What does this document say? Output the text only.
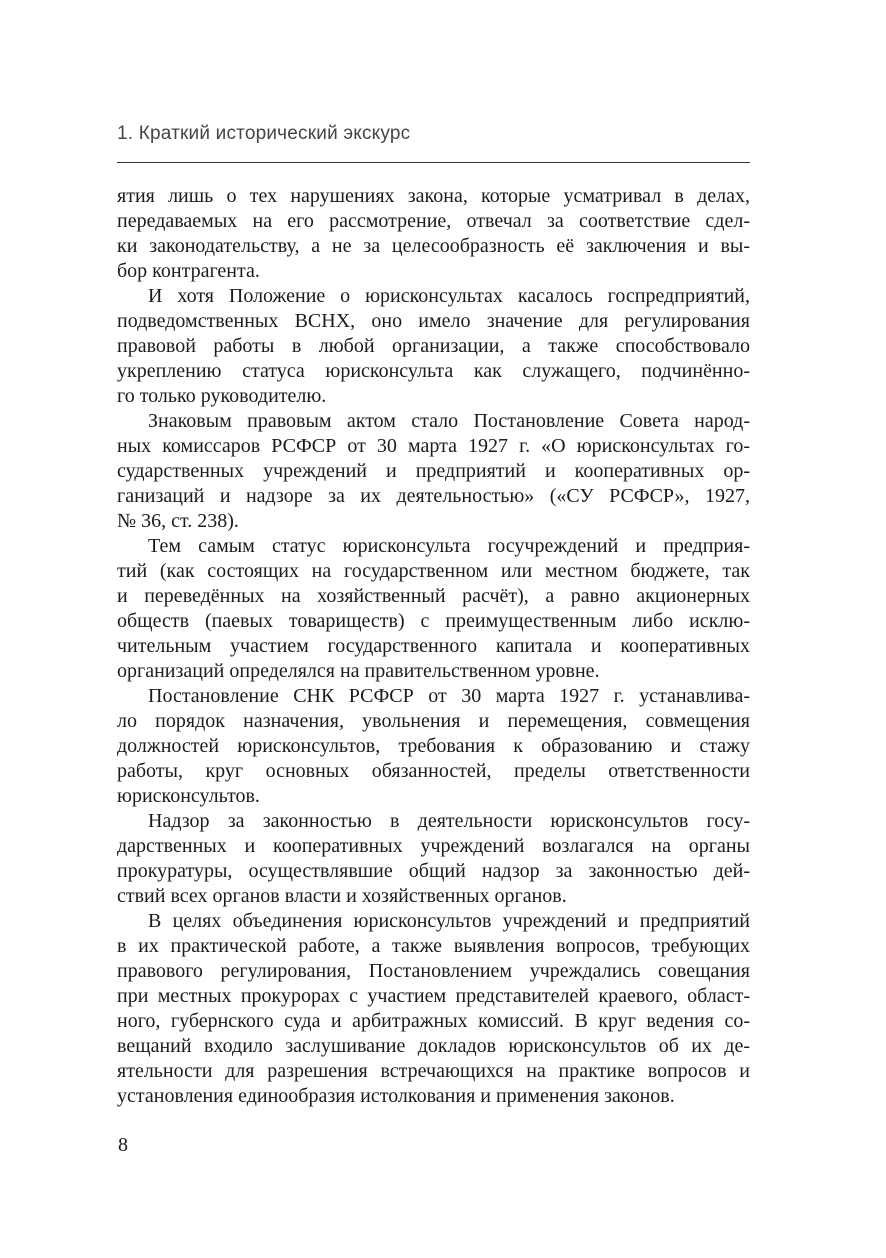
1. Краткий исторический экскурс
ятия лишь о тех нарушениях закона, которые усматривал в делах,
передаваемых на его рассмотрение, отвечал за соответствие сдел-
ки законодательству, а не за целесообразность её заключения и вы-
бор контрагента.
И хотя Положение о юрисконсультах касалось госпредприятий,
подведомственных ВСНХ, оно имело значение для регулирования
правовой работы в любой организации, а также способствовало
укреплению статуса юрисконсульта как служащего, подчинённо-
го только руководителю.
Знаковым правовым актом стало Постановление Совета народ-
ных комиссаров РСФСР от 30 марта 1927 г. «О юрисконсультах го-
сударственных учреждений и предприятий и кооперативных ор-
ганизаций и надзоре за их деятельностью» («СУ РСФСР», 1927,
№ 36, ст. 238).
Тем самым статус юрисконсульта госучреждений и предприя-
тий (как состоящих на государственном или местном бюджете, так
и переведённых на хозяйственный расчёт), а равно акционерных
обществ (паевых товариществ) с преимущественным либо исклю-
чительным участием государственного капитала и кооперативных
организаций определялся на правительственном уровне.
Постановление СНК РСФСР от 30 марта 1927 г. устанавлива-
ло порядок назначения, увольнения и перемещения, совмещения
должностей юрисконсультов, требования к образованию и стажу
работы, круг основных обязанностей, пределы ответственности
юрисконсультов.
Надзор за законностью в деятельности юрисконсультов госу-
дарственных и кооперативных учреждений возлагался на органы
прокуратуры, осуществлявшие общий надзор за законностью дей-
ствий всех органов власти и хозяйственных органов.
В целях объединения юрисконсультов учреждений и предприятий
в их практической работе, а также выявления вопросов, требующих
правового регулирования, Постановлением учреждались совещания
при местных прокурорах с участием представителей краевого, област-
ного, губернского суда и арбитражных комиссий. В круг ведения со-
вещаний входило заслушивание докладов юрисконсультов об их де-
ятельности для разрешения встречающихся на практике вопросов и
установления единообразия истолкования и применения законов.
8
